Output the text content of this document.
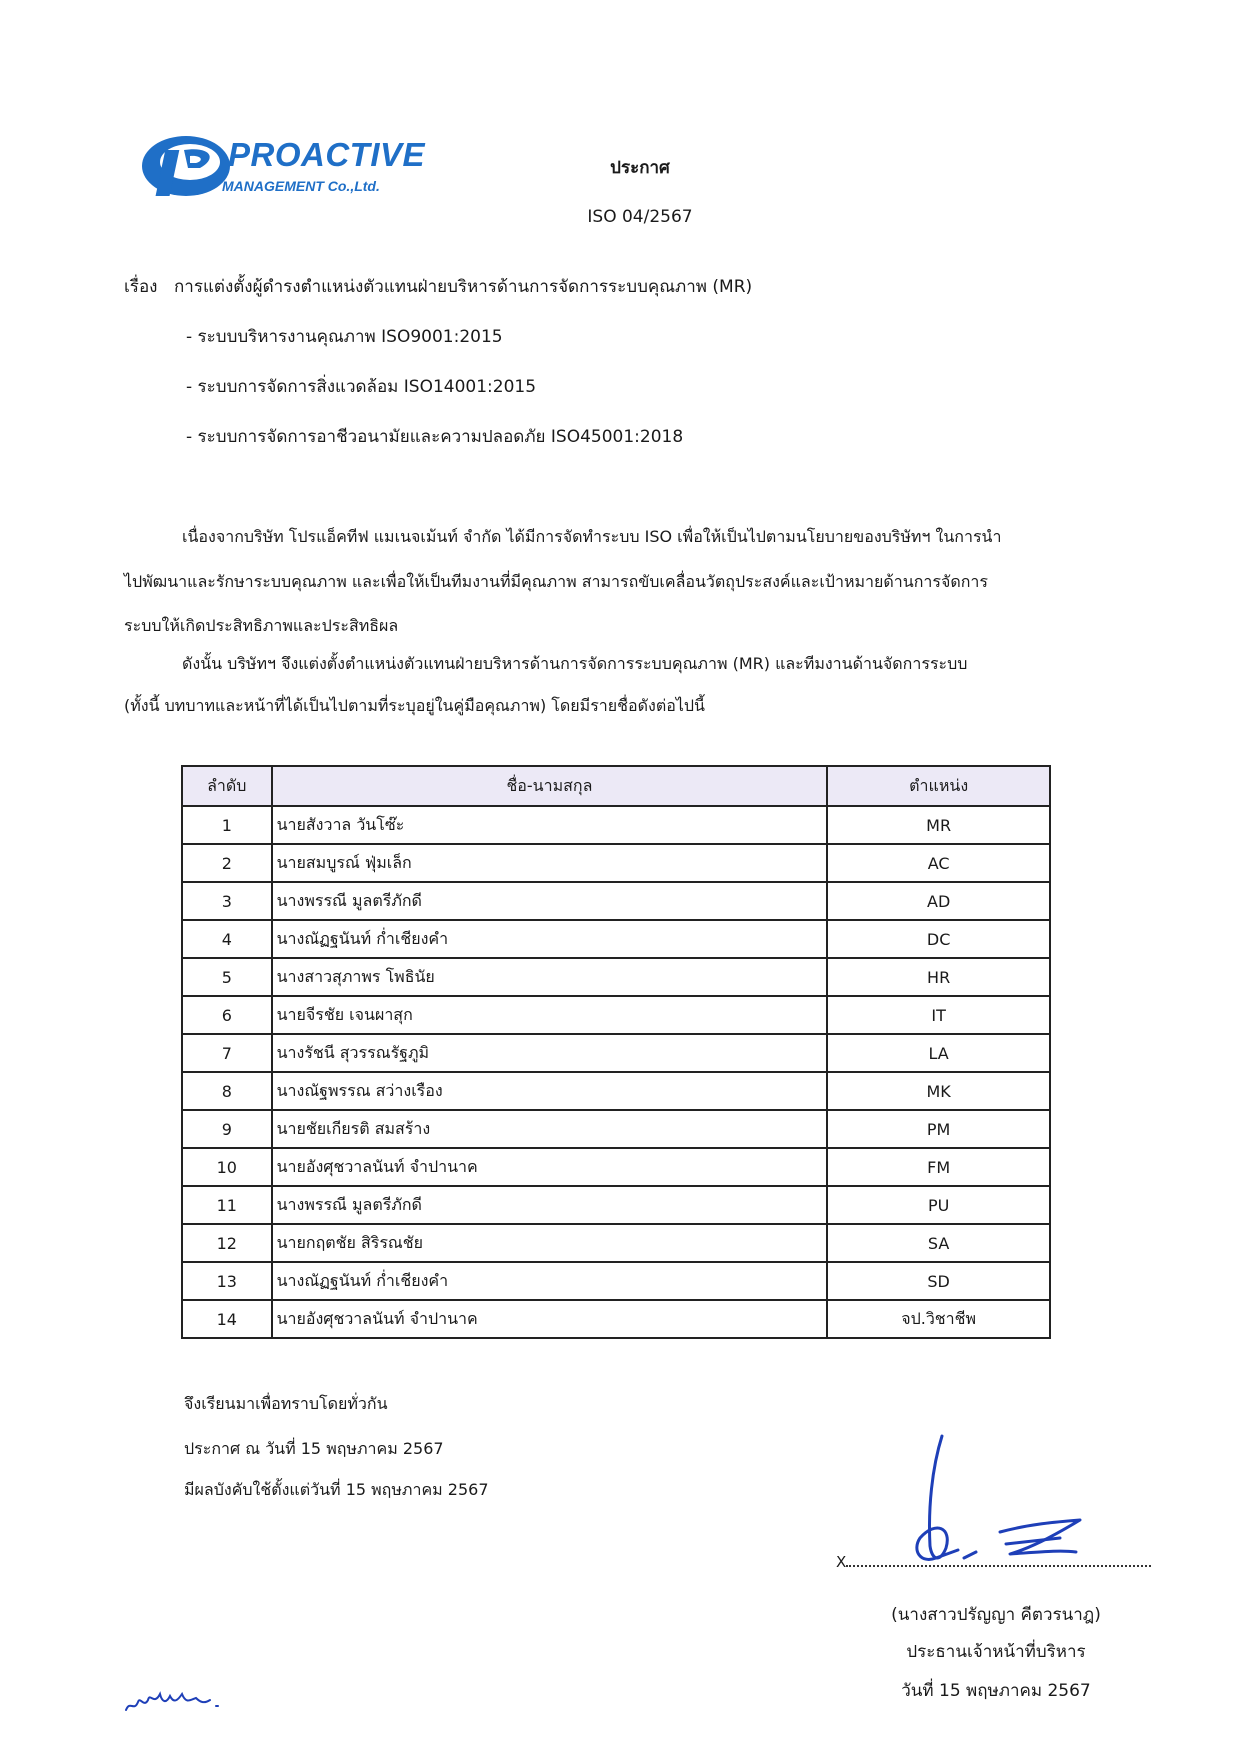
PROACTIVE
MANAGEMENT Co.,Ltd.
ประกาศ
ISO 04/2567
เรื่อง การแต่งตั้งผู้ดำรงตำแหน่งตัวแทนฝ่ายบริหารด้านการจัดการระบบคุณภาพ (MR)
- ระบบบริหารงานคุณภาพ ISO9001:2015
- ระบบการจัดการสิ่งแวดล้อม ISO14001:2015
- ระบบการจัดการอาชีวอนามัยและความปลอดภัย ISO45001:2018
เนื่องจากบริษัท โปรแอ็คทีฟ แมเนจเม้นท์ จำกัด ได้มีการจัดทำระบบ ISO เพื่อให้เป็นไปตามนโยบายของบริษัทฯ ในการนำ
ไปพัฒนาและรักษาระบบคุณภาพ และเพื่อให้เป็นทีมงานที่มีคุณภาพ สามารถขับเคลื่อนวัตถุประสงค์และเป้าหมายด้านการจัดการ
ระบบให้เกิดประสิทธิภาพและประสิทธิผล
ดังนั้น บริษัทฯ จึงแต่งตั้งตำแหน่งตัวแทนฝ่ายบริหารด้านการจัดการระบบคุณภาพ (MR) และทีมงานด้านจัดการระบบ
(ทั้งนี้ บทบาทและหน้าที่ได้เป็นไปตามที่ระบุอยู่ในคู่มือคุณภาพ) โดยมีรายชื่อดังต่อไปนี้
ลำดับ	ชื่อ-นามสกุล	ตำแหน่ง
1	นายสังวาล วันโซ๊ะ	MR
2	นายสมบูรณ์ ฟุ่มเล็ก	AC
3	นางพรรณี มูลตรีภักดี	AD
4	นางณัฏฐนันท์ ก่ำเชียงคำ	DC
5	นางสาวสุภาพร โพธินัย	HR
6	นายจีรชัย เจนผาสุก	IT
7	นางรัชนี สุวรรณรัฐภูมิ	LA
8	นางณัฐพรรณ สว่างเรือง	MK
9	นายชัยเกียรติ สมสร้าง	PM
10	นายอังศุชวาลนันท์ จำปานาค	FM
11	นางพรรณี มูลตรีภักดี	PU
12	นายกฤตชัย สิริรณชัย	SA
13	นางณัฏฐนันท์ ก่ำเชียงคำ	SD
14	นายอังศุชวาลนันท์ จำปานาค	จป.วิชาชีพ
จึงเรียนมาเพื่อทราบโดยทั่วกัน
ประกาศ ณ วันที่ 15 พฤษภาคม 2567
มีผลบังคับใช้ตั้งแต่วันที่ 15 พฤษภาคม 2567
X
(นางสาวปรัญญา คีตวรนาฎ)
ประธานเจ้าหน้าที่บริหาร
วันที่ 15 พฤษภาคม 2567
